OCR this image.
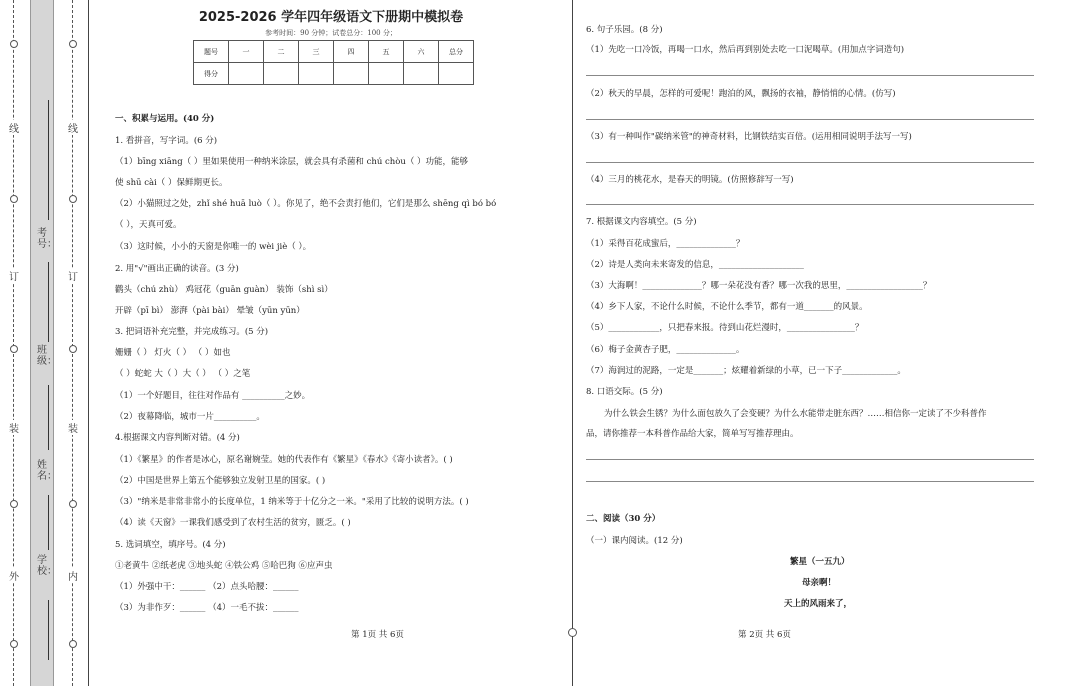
线
订
装
外
线
订
装
内
考号：
班级：
姓名：
学校：
2025-2026 学年四年级语文下册期中模拟卷
参考时间：90 分钟；试卷总分：100 分；
题号	一	二	三	四	五	六	总分
得分							
一、积累与运用。(40 分)
1. 看拼音，写字词。(6 分)
（1）bīng xiāng（ ）里如果使用一种纳米涂层，就会具有杀菌和 chú chòu（ ）功能，能够
使 shū cài（ ）保鲜期更长。
（2）小猫照过之处，zhǐ shé huā luò（ ）。你见了，绝不会责打他们，它们是那么 shēng qì bó bó
（ ），天真可爱。
（3）这时候，小小的天窗是你唯一的 wèi jiè（ ）。
2. 用"√"画出正确的读音。(3 分)
鹳头（chú zhù） 鸡冠花（guān guàn） 装饰（shì sì）
开辟（pī bì） 澎湃（pài bài） 晕皱（yūn yūn）
3. 把词语补充完整，并完成练习。(5 分)
姗姗（ ） 灯火（ ） （ ）如也
（ ）蛇蛇 大（ ）大（ ） （ ）之笔
（1）一个好题目，往往对作品有 __________之妙。
（2）夜幕降临，城市一片__________。
4.根据课文内容判断对错。(4 分)
（1）《繁星》的作者是冰心，原名谢婉莹。她的代表作有《繁星》《春水》《寄小读者》。( )
（2）中国是世界上第五个能够独立发射卫星的国家。( )
（3）"纳米是非常非常小的长度单位，1 纳米等于十亿分之一米。"采用了比较的说明方法。( )
（4）读《天窗》一课我们感受到了农村生活的贫穷，匮乏。( )
5. 选词填空，填序号。(4 分)
①老黄牛 ②纸老虎 ③地头蛇 ④铁公鸡 ⑤哈巴狗 ⑥应声虫
（1）外强中干：______ （2）点头哈腰：______
（3）为非作歹：______ （4）一毛不拔：______
第 1页 共 6页
6. 句子乐园。(8 分)
（1）先吃一口冷饭，再喝一口水，然后再到别处去吃一口泥喝草。(用加点字词造句)
（2）秋天的早晨，怎样的可爱呢！跑泊的风，飘扬的衣袖，静悄悄的心情。(仿写)
（3）有一种叫作"碳纳米管"的神奇材料，比钢铁结实百倍。(运用相同说明手法写一写)
（4）三月的桃花水，是春天的明镜。(仿照修辞写一写)
7. 根据课文内容填空。(5 分)
（1）采得百花成蜜后，______________？
（2）诗是人类向未来寄发的信息，____________________
（3）大海啊！______________？哪一朵花没有香？哪一次我的思里，__________________？
（4）乡下人家，不论什么时候，不论什么季节，都有一道_______的风景。
（5）____________，只把春来报。待到山花烂漫时，________________？
（6）梅子金黄杏子肥，______________。
（7）海润过的泥路，一定是_______；炫耀着新绿的小草，已一下子_____________。
8. 口语交际。(5 分)
为什么铁会生锈？为什么面包放久了会变硬？为什么水能带走脏东西？……相信你一定读了不少科普作
品，请你推荐一本科普作品给大家，简单写写推荐理由。
二、阅读（30 分）
（一）课内阅读。(12 分)
繁星（一五九）
母亲啊！
天上的风雨来了，
第 2页 共 6页
